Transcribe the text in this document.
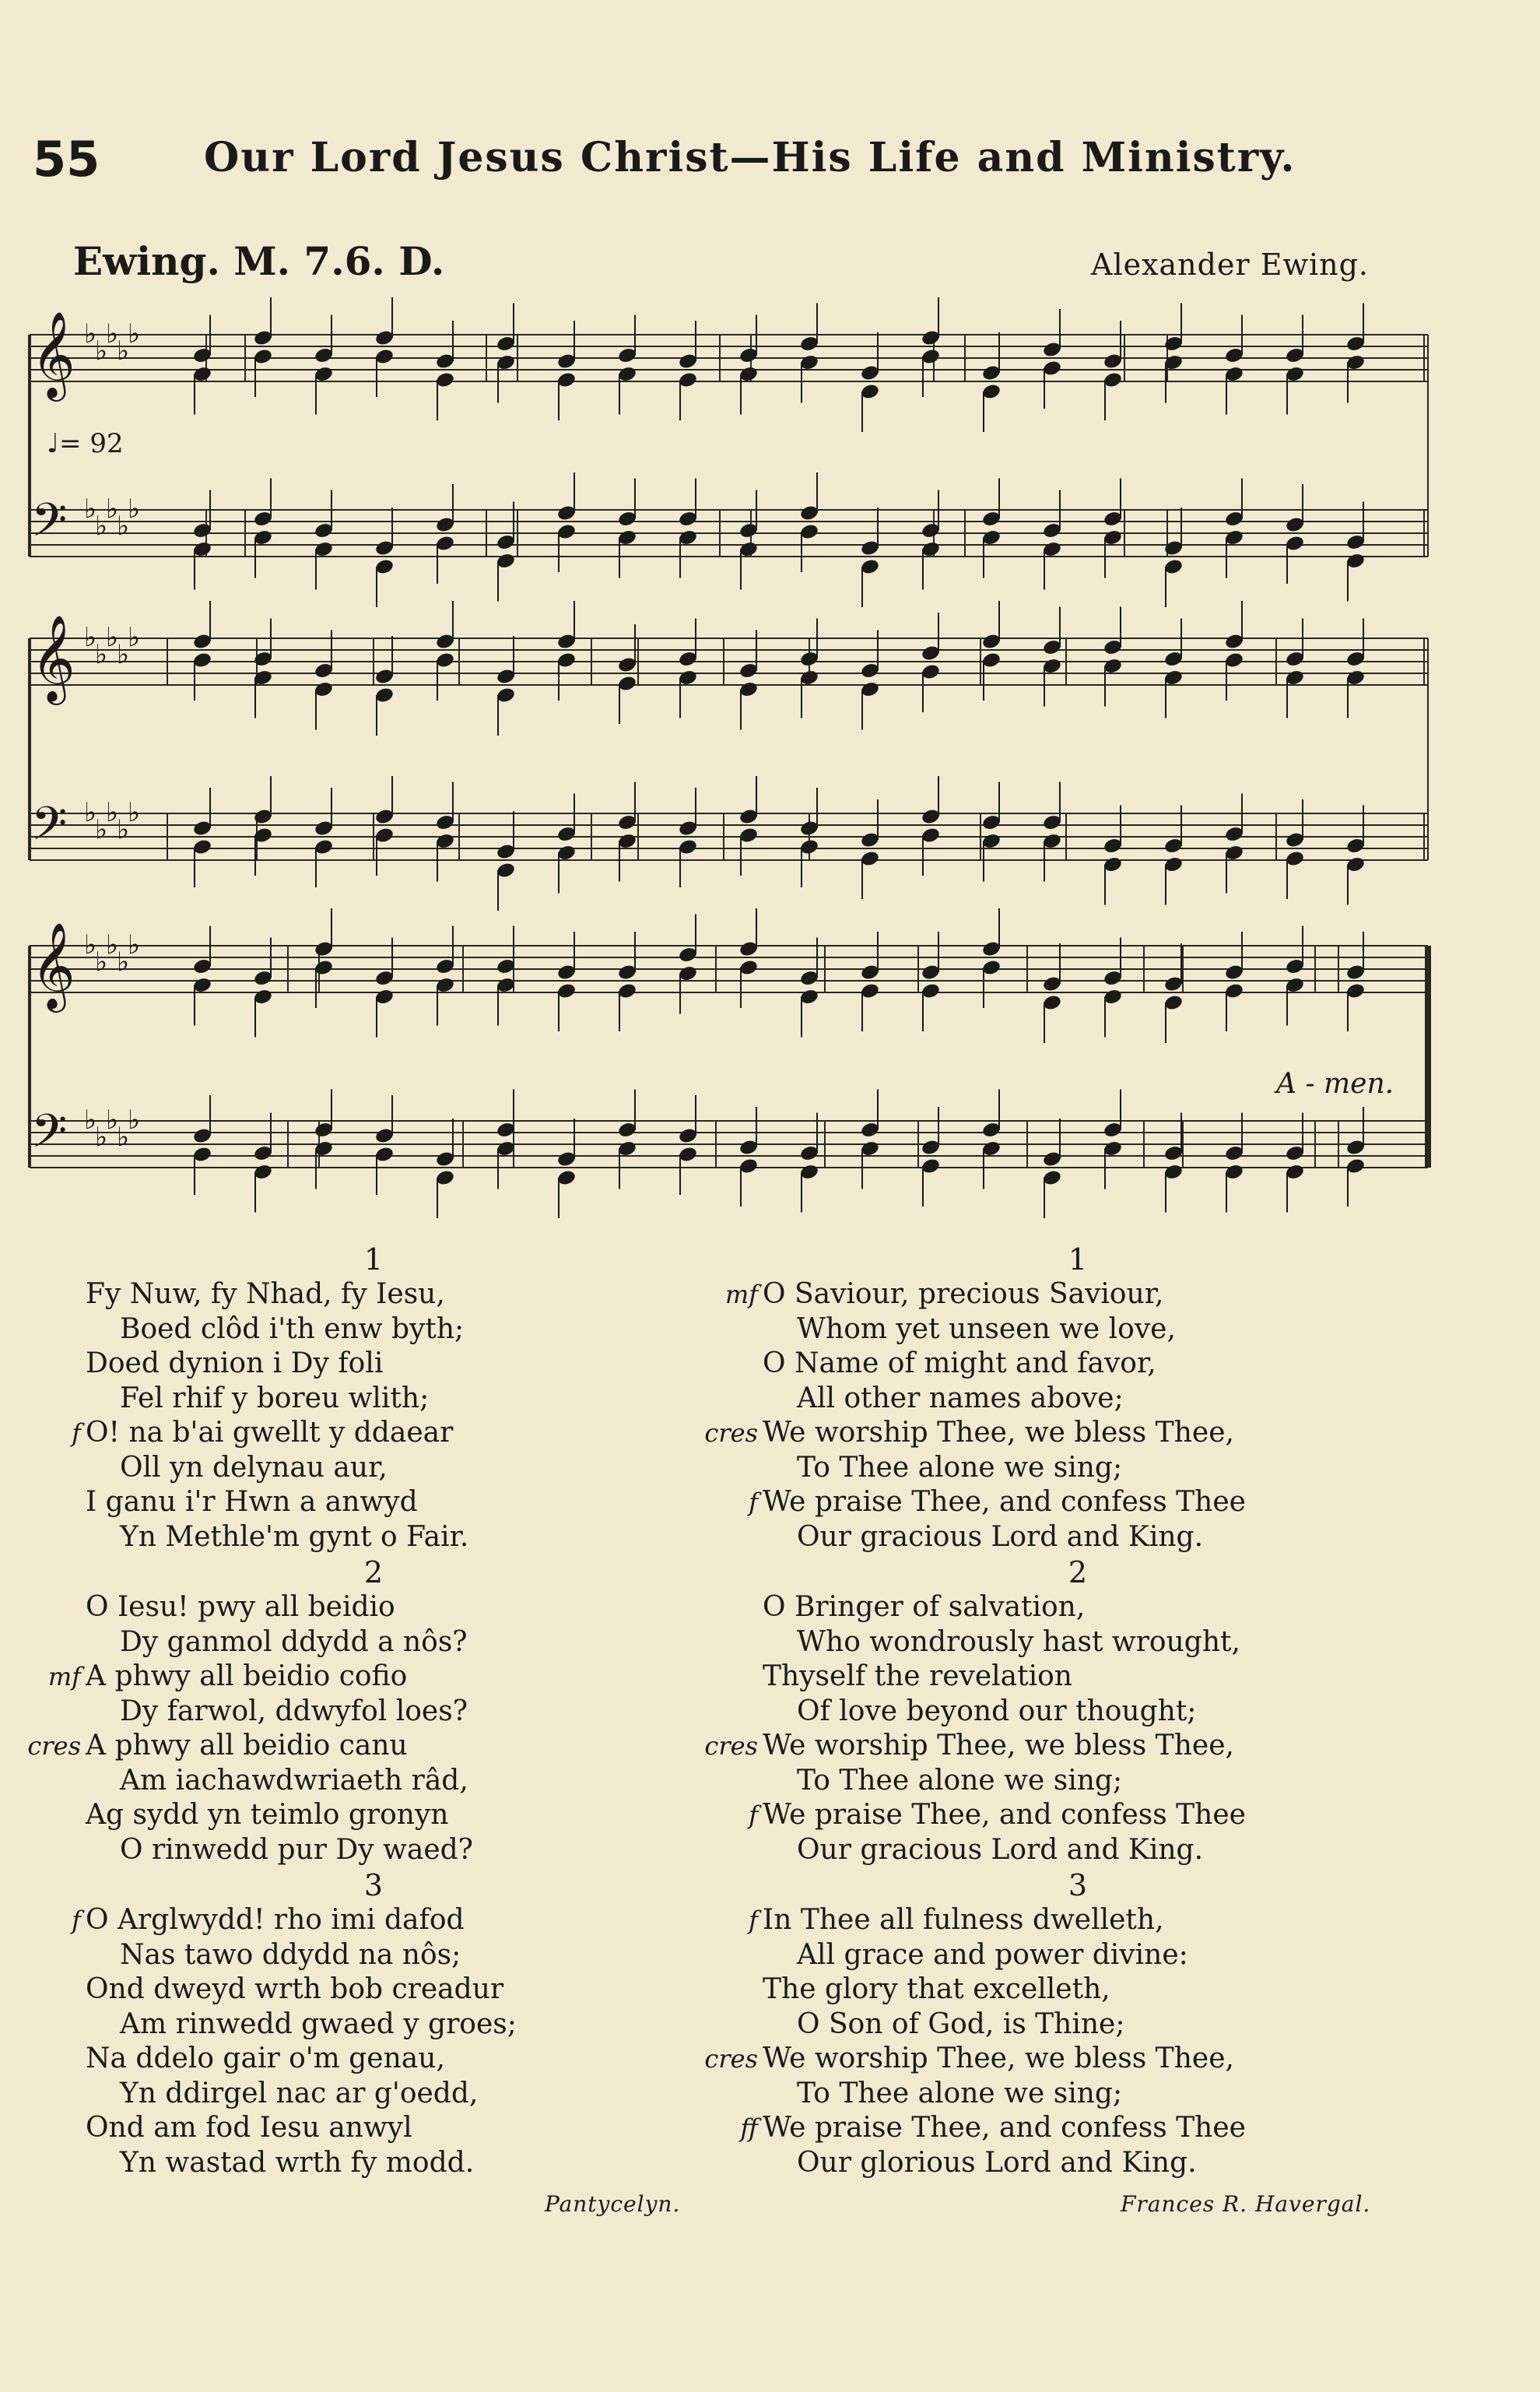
55	Our Lord Jesus Christ—His Life and Ministry.
Ewing. M. 7.6. D.	Alexander Ewing.
𝄞 ♭
♭
♭
♭
♭
𝄢 ♭
♭
♭
♭
♭
𝄞 ♭
♭
♭
♭
♭
𝄢 ♭
♭
♭
♭
♭
𝄞 ♭
♭
♭
♭
♭
𝄢 ♭
♭
♭
♭
♭
♩= 92
A - men.
1
Fy Nuw, fy Nhad, fy Iesu,
Boed clôd i'th enw byth;
Doed dynion i Dy foli
Fel rhif y boreu wlith;
f O! na b'ai gwellt y ddaear
Oll yn delynau aur,
I ganu i'r Hwn a anwyd
Yn Methle'm gynt o Fair.
2
O Iesu! pwy all beidio
Dy ganmol ddydd a nôs?
mf A phwy all beidio cofio
Dy farwol, ddwyfol loes?
cres A phwy all beidio canu
Am iachawdwriaeth râd,
Ag sydd yn teimlo gronyn
O rinwedd pur Dy waed?
3
f O Arglwydd! rho imi dafod
Nas tawo ddydd na nôs;
Ond dweyd wrth bob creadur
Am rinwedd gwaed y groes;
Na ddelo gair o'm genau,
Yn ddirgel nac ar g'oedd,
Ond am fod Iesu anwyl
Yn wastad wrth fy modd.
1
mf O Saviour, precious Saviour,
Whom yet unseen we love,
O Name of might and favor,
All other names above;
cres We worship Thee, we bless Thee,
To Thee alone we sing;
f We praise Thee, and confess Thee
Our gracious Lord and King.
2
O Bringer of salvation,
Who wondrously hast wrought,
Thyself the revelation
Of love beyond our thought;
cres We worship Thee, we bless Thee,
To Thee alone we sing;
f We praise Thee, and confess Thee
Our gracious Lord and King.
3
f In Thee all fulness dwelleth,
All grace and power divine:
The glory that excelleth,
O Son of God, is Thine;
cres We worship Thee, we bless Thee,
To Thee alone we sing;
ff We praise Thee, and confess Thee
Our glorious Lord and King.
Pantycelyn.	Frances R. Havergal.
